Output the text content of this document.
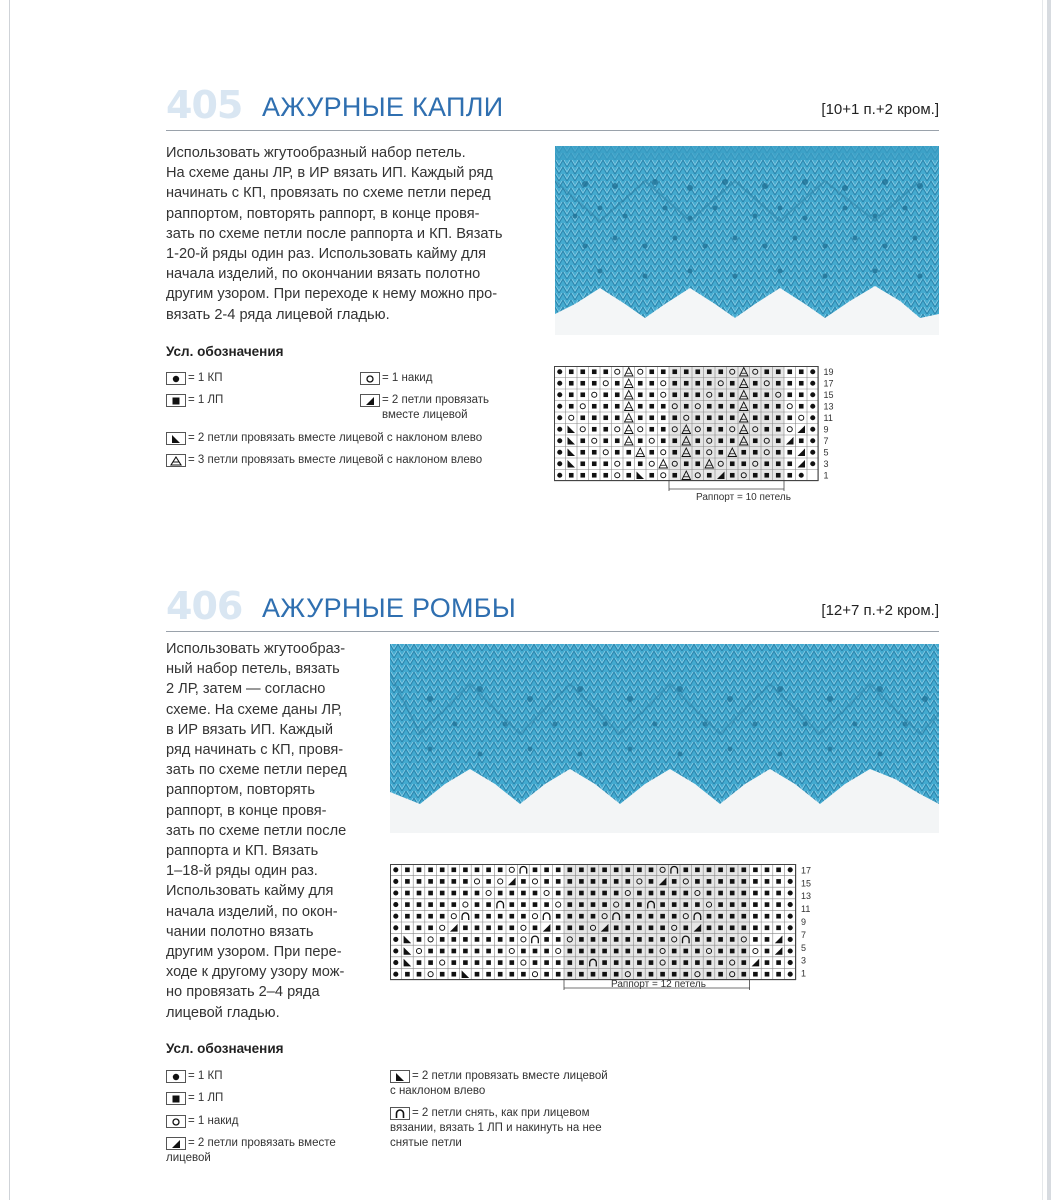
405 АЖУРНЫЕ КАПЛИ	[10+1 п.+2 кром.]
Использовать жгутообразный набор петель.
На схеме даны ЛР, в ИР вязать ИП. Каждый ряд
начинать с КП, провязать по схеме петли перед
раппортом, повторять раппорт, в конце провя-
зать по схеме петли после раппорта и КП. Вязать
1-20-й ряды один раз. Использовать кайму для
начала изделий, по окончании вязать полотно
другим узором. При переходе к нему можно про-
вязать 2-4 ряда лицевой гладью.
Усл. обозначения
= 1 КП
= 1 ЛП
= 1 накид
= 2 петли провязать
вместе лицевой
= 2 петли провязать вместе лицевой с наклоном влево
= 3 петли провязать вместе лицевой с наклоном влево
19
17
15
13
11
9
7
5
3
1
Раппорт = 10 петель
406 АЖУРНЫЕ РОМБЫ	[12+7 п.+2 кром.]
Использовать жгутообраз-
ный набор петель, вязать
2 ЛР, затем — согласно
схеме. На схеме даны ЛР,
в ИР вязать ИП. Каждый
ряд начинать с КП, провя-
зать по схеме петли перед
раппортом, повторять
раппорт, в конце провя-
зать по схеме петли после
раппорта и КП. Вязать
1–18-й ряды один раз.
Использовать кайму для
начала изделий, по окон-
чании полотно вязать
другим узором. При пере-
ходе к другому узору мож-
но провязать 2–4 ряда
лицевой гладью.
17
15
13
11
9
7
5
3
1
Раппорт = 12 петель
Усл. обозначения
= 1 КП
= 1 ЛП
= 1 накид
= 2 петли провязать вместе
лицевой
= 2 петли провязать вместе лицевой
с наклоном влево
= 2 петли снять, как при лицевом
вязании, вязать 1 ЛП и накинуть на нее
снятые петли
